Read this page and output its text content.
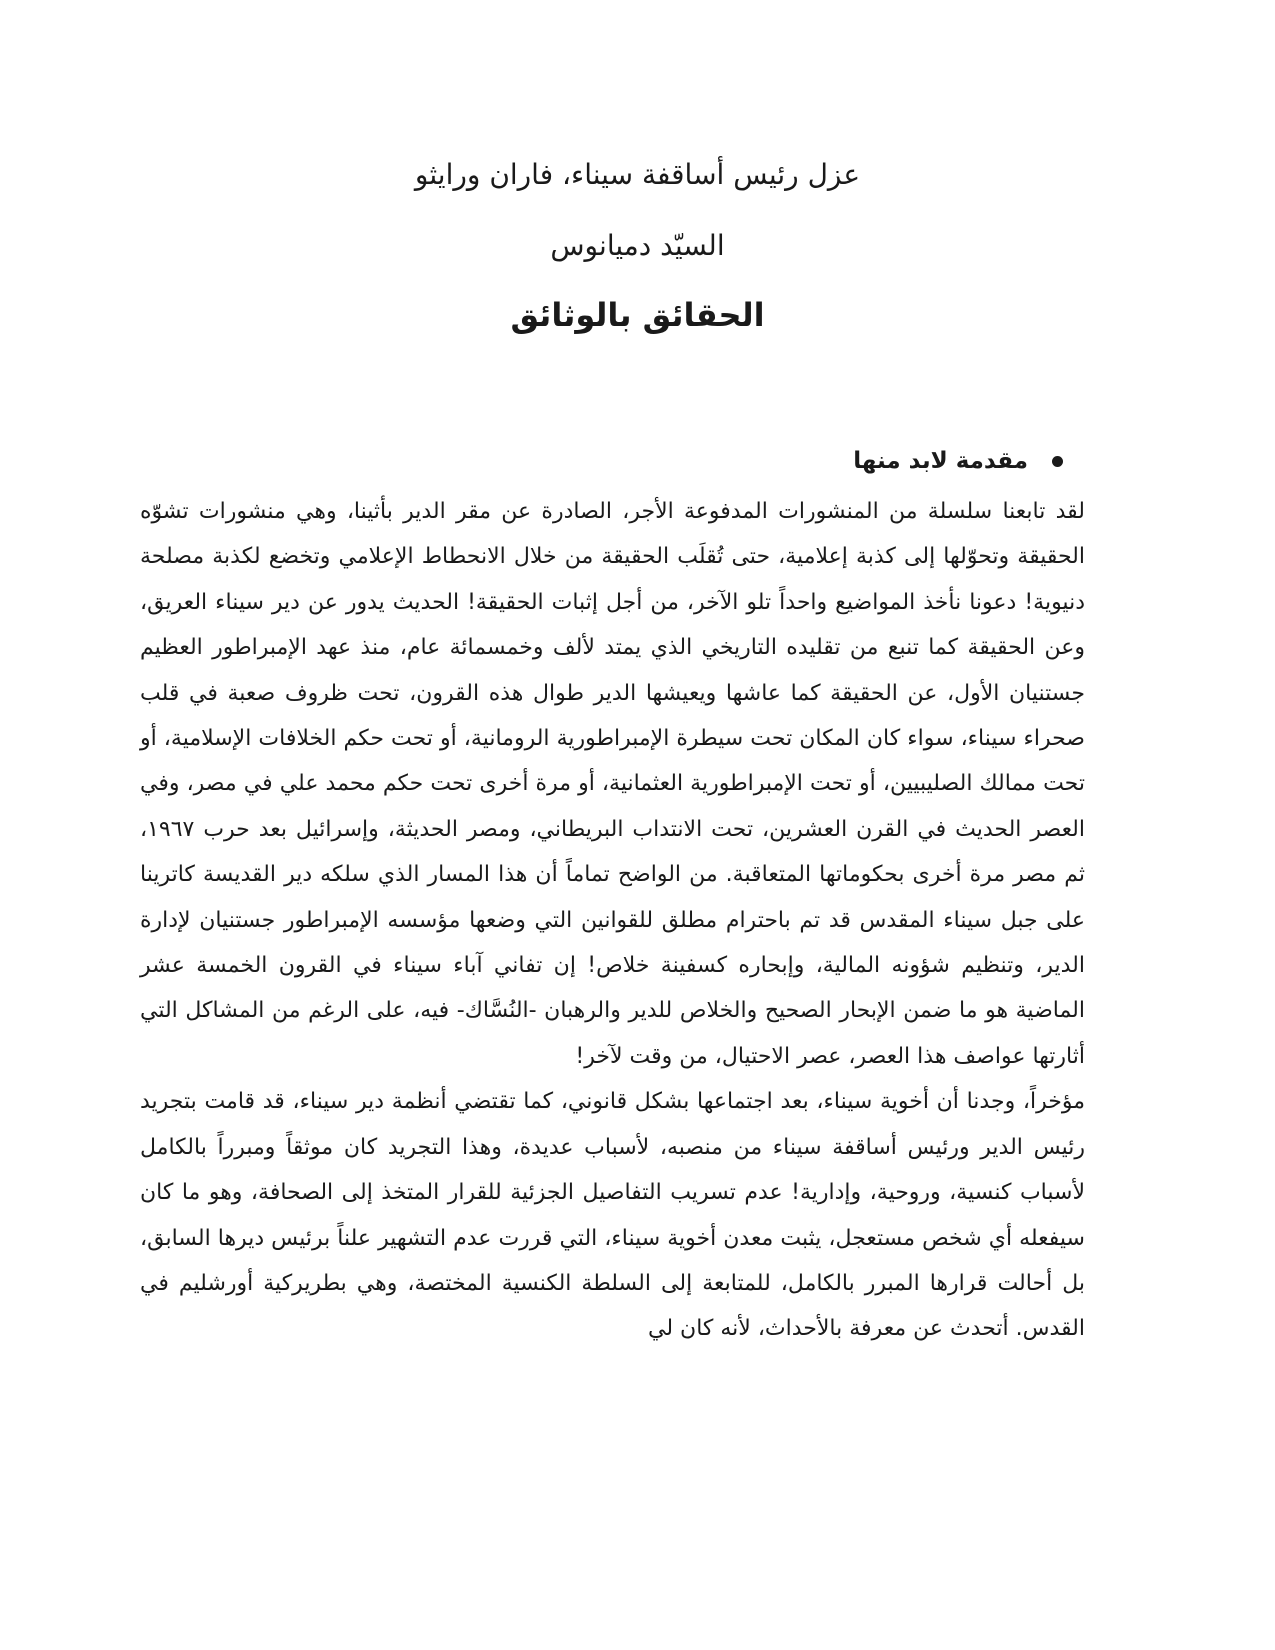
عزل رئيس أساقفة سيناء، فاران ورايثو
السيّد دميانوس
الحقائق بالوثائق
مقدمة لابد منها

لقد تابعنا سلسلة من المنشورات المدفوعة الأجر، الصادرة عن مقر الدير بأثينا، وهي منشورات تشوّه الحقيقة وتحوّلها إلى كذبة إعلامية، حتى تُقلَب الحقيقة من خلال الانحطاط الإعلامي وتخضع لكذبة مصلحة دنيوية! دعونا نأخذ المواضيع واحداً تلو الآخر، من أجل إثبات الحقيقة! الحديث يدور عن دير سيناء العريق، وعن الحقيقة كما تنبع من تقليده التاريخي الذي يمتد لألف وخمسمائة عام، منذ عهد الإمبراطور العظيم جستنيان الأول، عن الحقيقة كما عاشها ويعيشها الدير طوال هذه القرون، تحت ظروف صعبة في قلب صحراء سيناء، سواء كان المكان تحت سيطرة الإمبراطورية الرومانية، أو تحت حكم الخلافات الإسلامية، أو تحت ممالك الصليبيين، أو تحت الإمبراطورية العثمانية، أو مرة أخرى تحت حكم محمد علي في مصر، وفي العصر الحديث في القرن العشرين، تحت الانتداب البريطاني، ومصر الحديثة، وإسرائيل بعد حرب ١٩٦٧، ثم مصر مرة أخرى بحكوماتها المتعاقبة. من الواضح تماماً أن هذا المسار الذي سلكه دير القديسة كاترينا على جبل سيناء المقدس قد تم باحترام مطلق للقوانين التي وضعها مؤسسه الإمبراطور جستنيان لإدارة الدير، وتنظيم شؤونه المالية، وإبحاره كسفينة خلاص! إن تفاني آباء سيناء في القرون الخمسة عشر الماضية هو ما ضمن الإبحار الصحيح والخلاص للدير والرهبان -النُسَّاك- فيه، على الرغم من المشاكل التي أثارتها عواصف هذا العصر، عصر الاحتيال، من وقت لآخر!

مؤخراً، وجدنا أن أخوية سيناء، بعد اجتماعها بشكل قانوني، كما تقتضي أنظمة دير سيناء، قد قامت بتجريد رئيس الدير ورئيس أساقفة سيناء من منصبه، لأسباب عديدة، وهذا التجريد كان موثقاً ومبرراً بالكامل لأسباب كنسية، وروحية، وإدارية! عدم تسريب التفاصيل الجزئية للقرار المتخذ إلى الصحافة، وهو ما كان سيفعله أي شخص مستعجل، يثبت معدن أخوية سيناء، التي قررت عدم التشهير علناً برئيس ديرها السابق، بل أحالت قرارها المبرر بالكامل، للمتابعة إلى السلطة الكنسية المختصة، وهي بطريركية أورشليم في القدس. أتحدث عن معرفة بالأحداث، لأنه كان لي
